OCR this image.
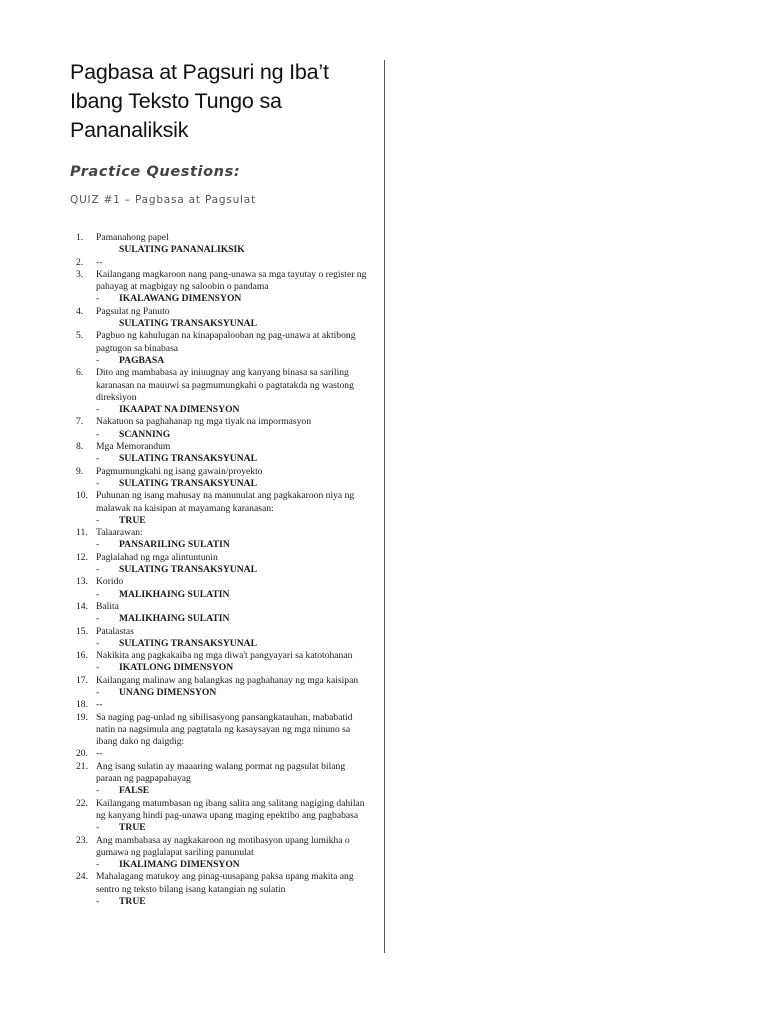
Pagbasa at Pagsuri ng Iba’t Ibang Teksto Tungo sa Pananaliksik
Practice Questions:
QUIZ #1 – Pagbasa at Pagsulat
1. Pamanahong papel
SULATING PANANALIKSIK
2. --
3. Kailangang magkaroon nang pang-unawa sa mga tayutay o register ng pahayag at magbigay ng saloobin o pandama
- IKALAWANG DIMENSYON
4. Pagsulat ng Panuto
SULATING TRANSAKSYUNAL
5. Pagbuo ng kahulugan na kinapapalooban ng pag-unawa at aktibong pagtugon sa binabasa
- PAGBASA
6. Dito ang mambabasa ay iniuugnay ang kanyang binasa sa sariling karanasan na mauuwi sa pagmumungkahi o pagtatakda ng wastong direksiyon
- IKAAPAT NA DIMENSYON
7. Nakatuon sa paghahanap ng mga tiyak na impormasyon
- SCANNING
8. Mga Memorandum
- SULATING TRANSAKSYUNAL
9. Pagmumungkahi ng isang gawain/proyekto
- SULATING TRANSAKSYUNAL
10. Puhunan ng isang mahusay na manunulat ang pagkakaroon niya ng malawak na kaisipan at mayamang karanasan:
- TRUE
11. Talaarawan:
- PANSARILING SULATIN
12. Paglalahad ng mga alintuntunin
- SULATING TRANSAKSYUNAL
13. Korido
- MALIKHAING SULATIN
14. Balita
- MALIKHAING SULATIN
15. Patalastas
- SULATING TRANSAKSYUNAL
16. Nakikita ang pagkakaiba ng mga diwa't pangyayari sa katotohanan
- IKATLONG DIMENSYON
17. Kailangang malinaw ang balangkas ng paghahanay ng mga kaisipan
- UNANG DIMENSYON
18. --
19. Sa naging pag-unlad ng sibilisasyong pansangkatauhan, mababatid natin na nagsimula ang pagtatala ng kasaysayan ng mga ninuno sa ibang dako ng daigdig:
20. --
21. Ang isang sulatin ay maaaring walang pormat ng pagsulat bilang paraan ng pagpapahayag
- FALSE
22. Kailangang matumbasan ng ibang salita ang salitang nagiging dahilan ng kanyang hindi pag-unawa upang maging epektibo ang pagbabasa
- TRUE
23. Ang mambabasa ay nagkakaroon ng motibasyon upang lumikha o gumawa ng paglalapat sariling panunulat
- IKALIMANG DIMENSYON
24. Mahalagang matukoy ang pinag-uusapang paksa upang makita ang sentro ng teksto bilang isang katangian ng sulatin
- TRUE
